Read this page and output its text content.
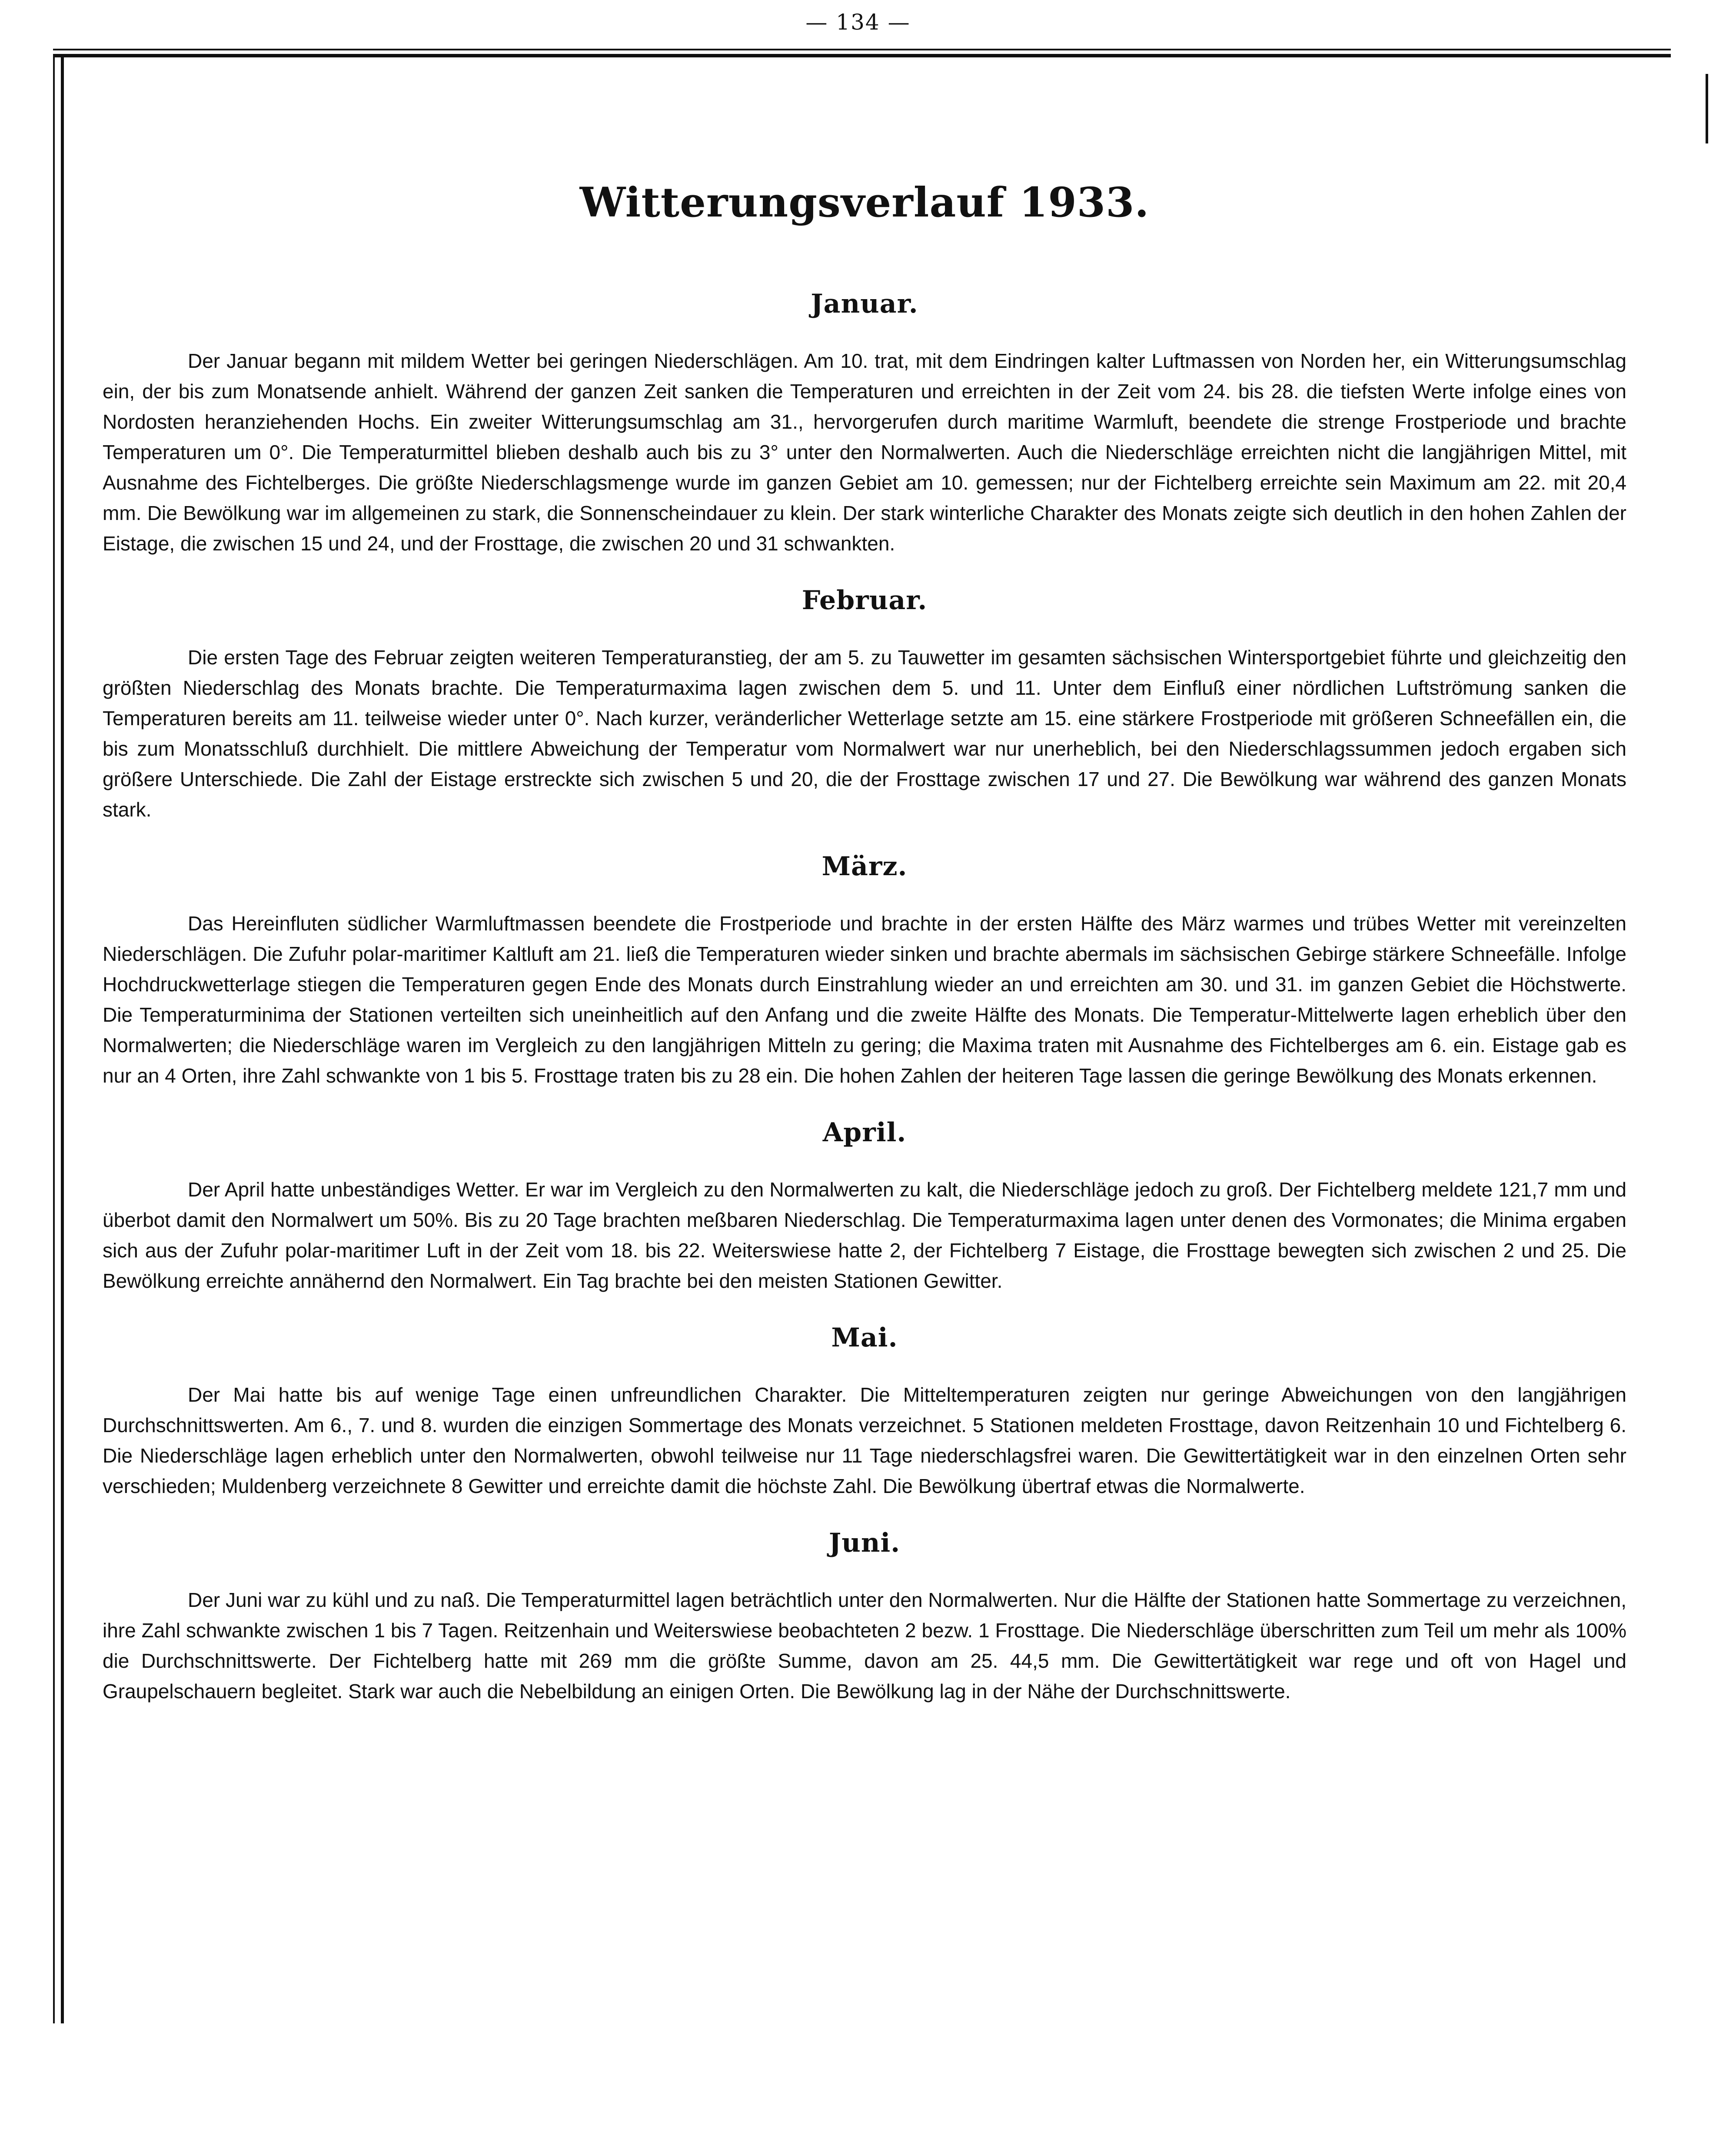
— 134 —
Witterungsverlauf 1933.
Januar.

Der Januar begann mit mildem Wetter bei geringen Niederschlägen. Am 10. trat, mit dem Eindringen kalter Luftmassen von Norden her, ein Witterungsumschlag ein, der bis zum Monatsende anhielt. Während der ganzen Zeit sanken die Temperaturen und erreichten in der Zeit vom 24. bis 28. die tiefsten Werte infolge eines von Nordosten heranziehenden Hochs. Ein zweiter Witterungsumschlag am 31., hervorgerufen durch maritime Warmluft, beendete die strenge Frostperiode und brachte Temperaturen um 0°. Die Temperaturmittel blieben deshalb auch bis zu 3° unter den Normalwerten. Auch die Niederschläge erreichten nicht die langjährigen Mittel, mit Ausnahme des Fichtelberges. Die größte Niederschlagsmenge wurde im ganzen Gebiet am 10. gemessen; nur der Fichtelberg erreichte sein Maximum am 22. mit 20,4 mm. Die Bewölkung war im allgemeinen zu stark, die Sonnenscheindauer zu klein. Der stark winterliche Charakter des Monats zeigte sich deutlich in den hohen Zahlen der Eistage, die zwischen 15 und 24, und der Frosttage, die zwischen 20 und 31 schwankten.

Februar.

Die ersten Tage des Februar zeigten weiteren Temperaturanstieg, der am 5. zu Tauwetter im gesamten sächsischen Wintersportgebiet führte und gleichzeitig den größten Niederschlag des Monats brachte. Die Temperaturmaxima lagen zwischen dem 5. und 11. Unter dem Einfluß einer nördlichen Luftströmung sanken die Temperaturen bereits am 11. teilweise wieder unter 0°. Nach kurzer, veränderlicher Wetterlage setzte am 15. eine stärkere Frostperiode mit größeren Schneefällen ein, die bis zum Monatsschluß durchhielt. Die mittlere Abweichung der Temperatur vom Normalwert war nur unerheblich, bei den Niederschlagssummen jedoch ergaben sich größere Unterschiede. Die Zahl der Eistage erstreckte sich zwischen 5 und 20, die der Frosttage zwischen 17 und 27. Die Bewölkung war während des ganzen Monats stark.

März.

Das Hereinfluten südlicher Warmluftmassen beendete die Frostperiode und brachte in der ersten Hälfte des März warmes und trübes Wetter mit vereinzelten Niederschlägen. Die Zufuhr polar-maritimer Kaltluft am 21. ließ die Temperaturen wieder sinken und brachte abermals im sächsischen Gebirge stärkere Schneefälle. Infolge Hochdruckwetterlage stiegen die Temperaturen gegen Ende des Monats durch Einstrahlung wieder an und erreichten am 30. und 31. im ganzen Gebiet die Höchstwerte. Die Temperaturminima der Stationen verteilten sich uneinheitlich auf den Anfang und die zweite Hälfte des Monats. Die Temperatur-Mittelwerte lagen erheblich über den Normalwerten; die Niederschläge waren im Vergleich zu den langjährigen Mitteln zu gering; die Maxima traten mit Ausnahme des Fichtelberges am 6. ein. Eistage gab es nur an 4 Orten, ihre Zahl schwankte von 1 bis 5. Frosttage traten bis zu 28 ein. Die hohen Zahlen der heiteren Tage lassen die geringe Bewölkung des Monats erkennen.

April.

Der April hatte unbeständiges Wetter. Er war im Vergleich zu den Normalwerten zu kalt, die Niederschläge jedoch zu groß. Der Fichtelberg meldete 121,7 mm und überbot damit den Normalwert um 50%. Bis zu 20 Tage brachten meßbaren Niederschlag. Die Temperaturmaxima lagen unter denen des Vormonates; die Minima ergaben sich aus der Zufuhr polar-maritimer Luft in der Zeit vom 18. bis 22. Weiterswiese hatte 2, der Fichtelberg 7 Eistage, die Frosttage bewegten sich zwischen 2 und 25. Die Bewölkung erreichte annähernd den Normalwert. Ein Tag brachte bei den meisten Stationen Gewitter.

Mai.

Der Mai hatte bis auf wenige Tage einen unfreundlichen Charakter. Die Mitteltemperaturen zeigten nur geringe Abweichungen von den langjährigen Durchschnittswerten. Am 6., 7. und 8. wurden die einzigen Sommertage des Monats verzeichnet. 5 Stationen meldeten Frosttage, davon Reitzenhain 10 und Fichtelberg 6. Die Niederschläge lagen erheblich unter den Normalwerten, obwohl teilweise nur 11 Tage niederschlagsfrei waren. Die Gewittertätigkeit war in den einzelnen Orten sehr verschieden; Muldenberg verzeichnete 8 Gewitter und erreichte damit die höchste Zahl. Die Bewölkung übertraf etwas die Normalwerte.

Juni.

Der Juni war zu kühl und zu naß. Die Temperaturmittel lagen beträchtlich unter den Normalwerten. Nur die Hälfte der Stationen hatte Sommertage zu verzeichnen, ihre Zahl schwankte zwischen 1 bis 7 Tagen. Reitzenhain und Weiterswiese beobachteten 2 bezw. 1 Frosttage. Die Niederschläge überschritten zum Teil um mehr als 100% die Durchschnittswerte. Der Fichtelberg hatte mit 269 mm die größte Summe, davon am 25. 44,5 mm. Die Gewittertätigkeit war rege und oft von Hagel und Graupelschauern begleitet. Stark war auch die Nebelbildung an einigen Orten. Die Bewölkung lag in der Nähe der Durchschnittswerte.
